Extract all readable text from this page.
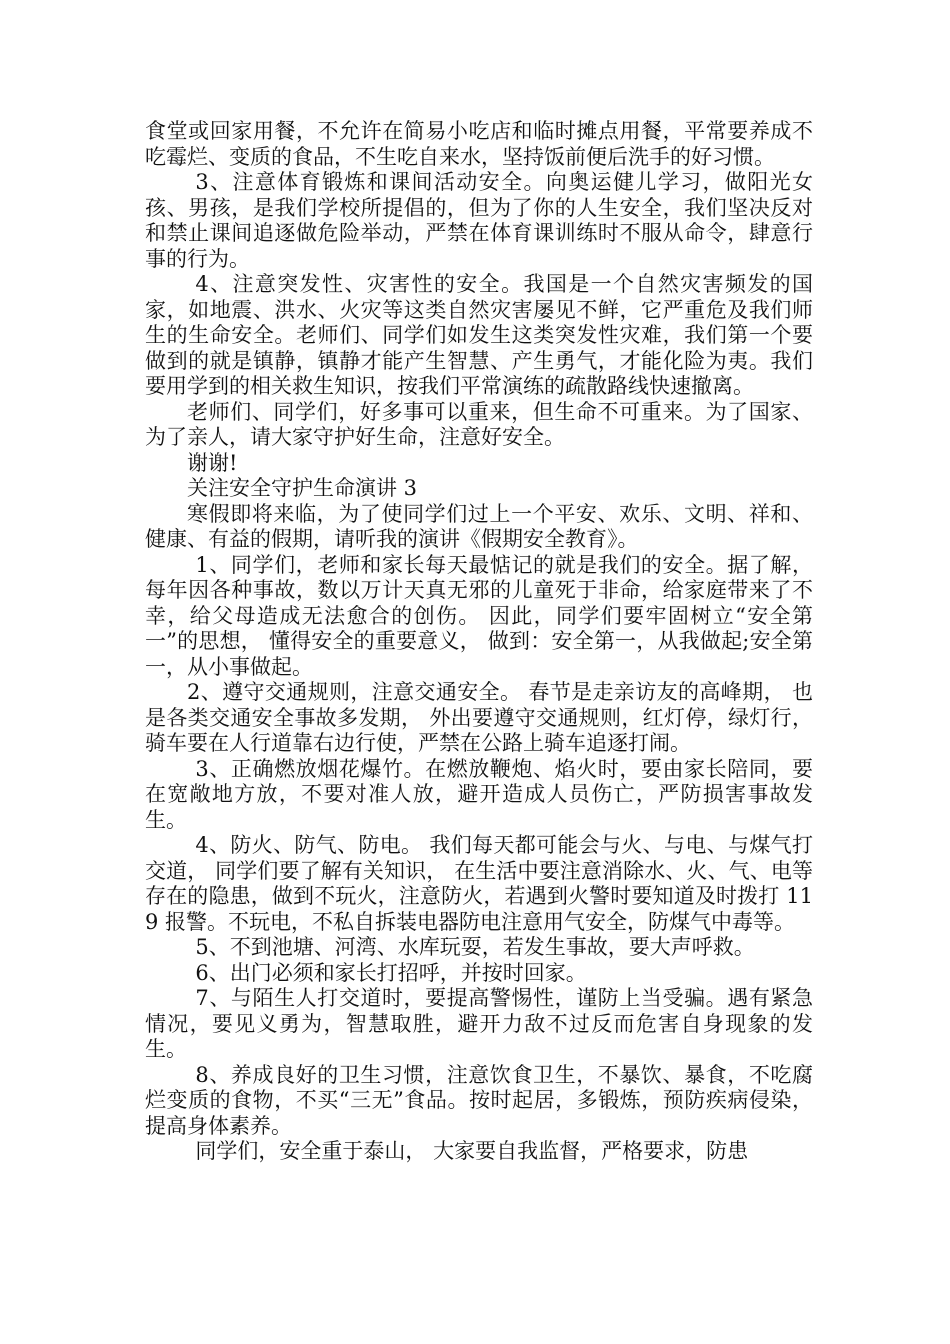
食堂或回家用餐，不允许在简易小吃店和临时摊点用餐，平常要养成不吃霉烂、变质的食品，不生吃自来水，坚持饭前便后洗手的好习惯。

3、注意体育锻炼和课间活动安全。向奥运健儿学习，做阳光女孩、男孩，是我们学校所提倡的，但为了你的人生安全，我们坚决反对和禁止课间追逐做危险举动，严禁在体育课训练时不服从命令，肆意行事的行为。

4、注意突发性、灾害性的安全。我国是一个自然灾害频发的国家，如地震、洪水、火灾等这类自然灾害屡见不鲜，它严重危及我们师生的生命安全。老师们、同学们如发生这类突发性灾难，我们第一个要做到的就是镇静，镇静才能产生智慧、产生勇气，才能化险为夷。我们要用学到的相关救生知识，按我们平常演练的疏散路线快速撤离。

老师们、同学们，好多事可以重来，但生命不可重来。为了国家、为了亲人，请大家守护好生命，注意好安全。

谢谢!

关注安全守护生命演讲 3

寒假即将来临，为了使同学们过上一个平安、欢乐、文明、祥和、健康、有益的假期，请听我的演讲《假期安全教育》。

1、同学们，老师和家长每天最惦记的就是我们的安全。据了解，每年因各种事故，数以万计天真无邪的儿童死于非命，给家庭带来了不幸，给父母造成无法愈合的创伤。 因此，同学们要牢固树立“安全第一”的思想， 懂得安全的重要意义， 做到：安全第一，从我做起;安全第一，从小事做起。

2、遵守交通规则，注意交通安全。 春节是走亲访友的高峰期， 也是各类交通安全事故多发期， 外出要遵守交通规则，红灯停，绿灯行，骑车要在人行道靠右边行使，严禁在公路上骑车追逐打闹。

3、正确燃放烟花爆竹。在燃放鞭炮、焰火时，要由家长陪同，要在宽敞地方放，不要对准人放，避开造成人员伤亡，严防损害事故发生。

4、防火、防气、防电。 我们每天都可能会与火、与电、与煤气打交道， 同学们要了解有关知识， 在生活中要注意消除水、火、气、电等存在的隐患，做到不玩火，注意防火，若遇到火警时要知道及时拨打 119 报警。不玩电，不私自拆装电器防电注意用气安全，防煤气中毒等。

5、不到池塘、河湾、水库玩耍，若发生事故，要大声呼救。

6、出门必须和家长打招呼，并按时回家。

7、与陌生人打交道时，要提高警惕性，谨防上当受骗。遇有紧急情况，要见义勇为，智慧取胜，避开力敌不过反而危害自身现象的发生。

8、养成良好的卫生习惯，注意饮食卫生，不暴饮、暴食，不吃腐烂变质的食物，不买“三无”食品。按时起居，多锻炼，预防疾病侵染，提高身体素养。

同学们，安全重于泰山， 大家要自我监督，严格要求，防患
